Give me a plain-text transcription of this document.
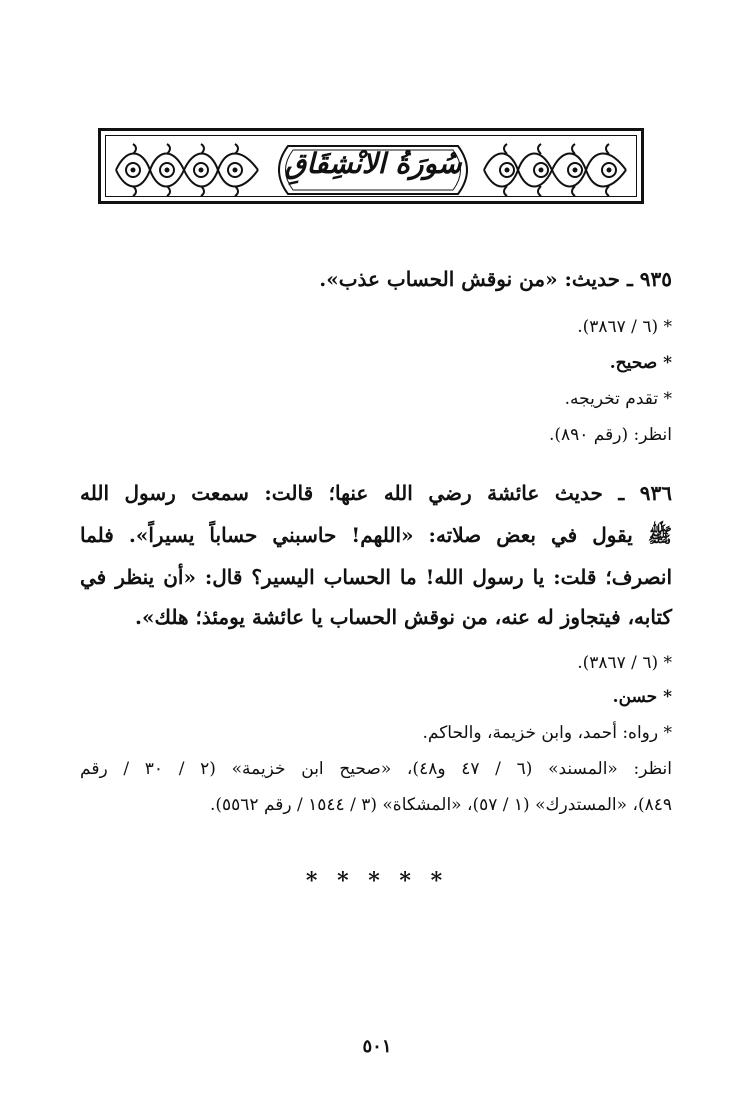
سُورَةُ الانْشِقَاقِ
٩٣٥ ـ حديث: «من نوقش الحساب عذب».
* (٦ / ٣٨٦٧).
* صحيح.
* تقدم تخريجه.
انظر: (رقم ٨٩٠).
٩٣٦ ـ حديث عائشة رضي الله عنها؛ قالت: سمعت رسول الله
ﷺ يقول في بعض صلاته: «اللهم! حاسبني حساباً يسيراً». فلما
انصرف؛ قلت: يا رسول الله! ما الحساب اليسير؟ قال: «أن ينظر في
كتابه، فيتجاوز له عنه، من نوقش الحساب يا عائشة يومئذ؛ هلك».
* (٦ / ٣٨٦٧).
* حسن.
* رواه: أحمد، وابن خزيمة، والحاكم.
انظر: «المسند» (٦ / ٤٧ و٤٨)، «صحيح ابن خزيمة» (٢ / ٣٠ / رقم
٨٤٩)، «المستدرك» (١ / ٥٧)، «المشكاة» (٣ / ١٥٤٤ / رقم ٥٥٦٢).
* * * * *
٥٠١
